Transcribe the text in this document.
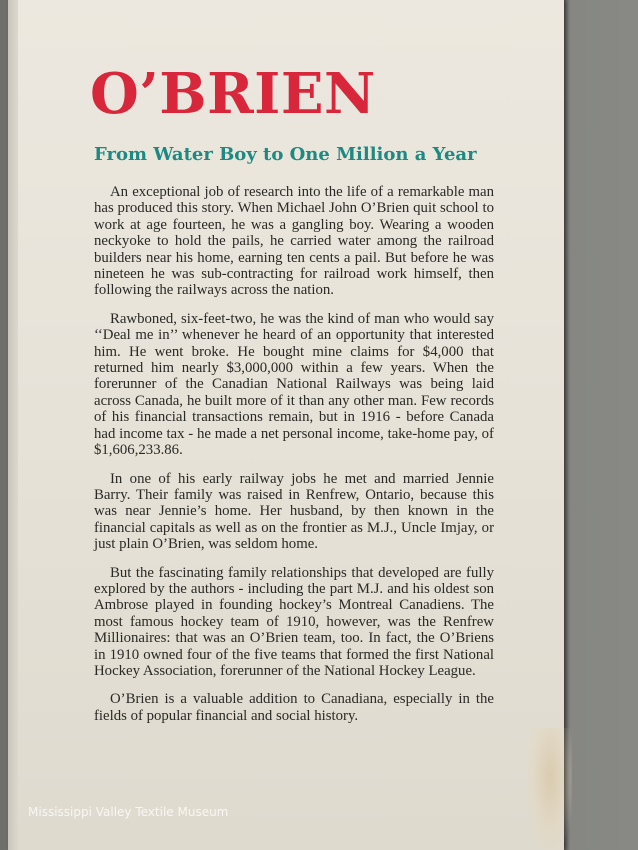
O’BRIEN
From Water Boy to One Million a Year

An exceptional job of research into the life of a remarkable man has produced this story. When Michael John O’Brien quit school to work at age fourteen, he was a gangling boy. Wearing a wooden neckyoke to hold the pails, he carried water among the railroad builders near his home, earning ten cents a pail. But before he was nineteen he was sub-contracting for railroad work himself, then following the railways across the nation.

Rawboned, six-feet-two, he was the kind of man who would say ‘‘Deal me in’’ whenever he heard of an opportunity that interested him. He went broke. He bought mine claims for $4,000 that returned him nearly $3,000,000 within a few years. When the forerunner of the Canadian National Railways was being laid across Canada, he built more of it than any other man. Few records of his financial transactions remain, but in 1916 - before Canada had income tax - he made a net personal income, take-home pay, of $1,606,233.86.

In one of his early railway jobs he met and married Jennie Barry. Their family was raised in Renfrew, Ontario, because this was near Jennie’s home. Her husband, by then known in the financial capitals as well as on the frontier as M.J., Uncle Imjay, or just plain O’Brien, was seldom home.

But the fascinating family relationships that developed are fully explored by the authors - including the part M.J. and his oldest son Ambrose played in founding hockey’s Montreal Canadiens. The most famous hockey team of 1910, however, was the Renfrew Millionaires: that was an O’Brien team, too. In fact, the O’Briens in 1910 owned four of the five teams that formed the first National Hockey Association, forerunner of the National Hockey League.

O’Brien is a valuable addition to Canadiana, especially in the fields of popular financial and social history.

Mississippi Valley Textile Museum
